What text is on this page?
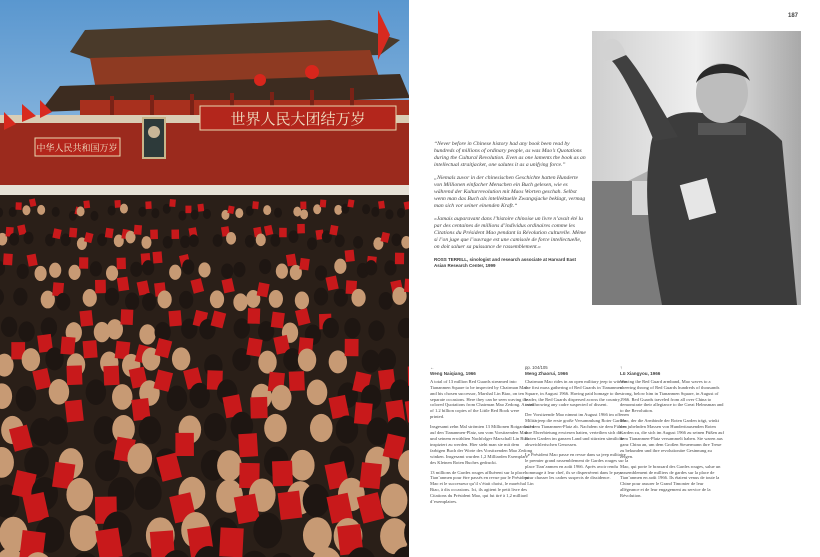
世界人民大团结万岁
中华人民共和国万岁
187

“Never before in Chinese history had any book been read by hundreds of millions of ordinary people, as was Mao’s Quotations during the Cultural Revolution. Even as one laments the book as an intellectual straitjacket, one salutes it as a unifying force.”

„Niemals zuvor in der chinesischen Geschichte hatten Hunderte von Millionen einfacher Menschen ein Buch gelesen, wie es während der Kulturrevolution mit Maos Worten geschah. Selbst wenn man das Buch als intellektuelle Zwangsjacke beklagt, vermag man sich vor seiner einenden Kraft.“

«Jamais auparavant dans l’histoire chinoise un livre n’avait été lu par des centaines de millions d’individus ordinaires comme les Citations du Président Mao pendant la Révolution culturelle. Même si l’on juge que l’ouvrage est une camisole de force intellectuelle, on doit saluer sa puissance de rassemblement.»

ROSS TERRILL, sinologist and research associate at Harvard East Asian Research Center, 1999
←
Weng Naiqiang, 1966

A total of 13 million Red Guards streamed into Tiananmen Square to be inspected by Chairman Mao and his chosen successor, Marshal Lin Biao, on ten separate occasions. Here they can be seen waving the colored Quotations from Chairman Mao Zedong. A total of 1.2 billion copies of the Little Red Book were printed.

Insgesamt zehn Mal strömten 13 Millionen Rotgardisten auf den Tiananmen-Platz, um vom Vorsitzenden Mao und seinem erwählten Nachfolger Marschall Lin Biao inspiziert zu werden. Hier sieht man sie mit dem farbigen Buch der Worte des Vorsitzenden Mao Zedong winken. Insgesamt wurden 1,2 Milliarden Exemplare des Kleinen Roten Buches gedruckt.

13 millions de Gardes rouges affluèrent sur la place Tian’anmen pour être passés en revue par le Président Mao et le successeur qu’il s’était choisi, le maréchal Lin Biao, à dix occasions. Ici, ils agitent le petit livre des Citations du Président Mao, qui fut tiré à 1,2 milliard d’exemplaires.

pp. 104/105
Meng Zhaorui, 1966

Chairman Mao rides in an open military jeep to witness the first mass gathering of Red Guards in Tiananmen Square, in August 1966. Having paid homage to the leader, the Red Guards dispersed across the country, overthrowing any cadre suspected of dissent.

Der Vorsitzende Mao nimmt im August 1966 im offenen Militärjeep die erste große Versammlung Roter Garden auf dem Tiananmen-Platz ab. Nachdem sie dem Führer ihre Ehrerbietung erwiesen hatten, verteilten sich die Roten Garden im ganzen Land und stürzten sämtliche abweichlerischen Genossen.

Le Président Mao passe en revue dans sa jeep militaire le premier grand rassemblement de Gardes rouges sur la place Tian’anmen en août 1966. Après avoir rendu hommage à leur chef, ils se dispersèrent dans le pays pour chasser les cadres suspects de dissidence.

↑
Lü Xiangyou, 1966

Waving the Red Guard armband, Mao waves to a cheering throng of Red Guards hundreds of thousands strong, below him in Tiananmen Square, in August of 1966. Red Guards traveled from all over China to demonstrate their allegiance to the Great Helmsman and to the Revolution.

Mao, der die Armbinde der Roten Garden trägt, winkt den jubelnden Massen von Hunderttausenden Roten Garden zu, die sich im August 1966 zu seinen Füßen auf dem Tiananmen-Platz versammelt haben. Sie waren aus ganz China an, um dem Großen Steuermann ihre Treue zu bekunden und ihre revolutionäre Gesinnung zu zeigen.

Mao, qui porte le brassard des Gardes rouges, salue un rassemblement de milliers de gardes sur la place de Tian’anmen en août 1966. Ils étaient venus de toute la Chine pour assurer le Grand Timonier de leur allégeance et de leur engagement au service de la Révolution.
